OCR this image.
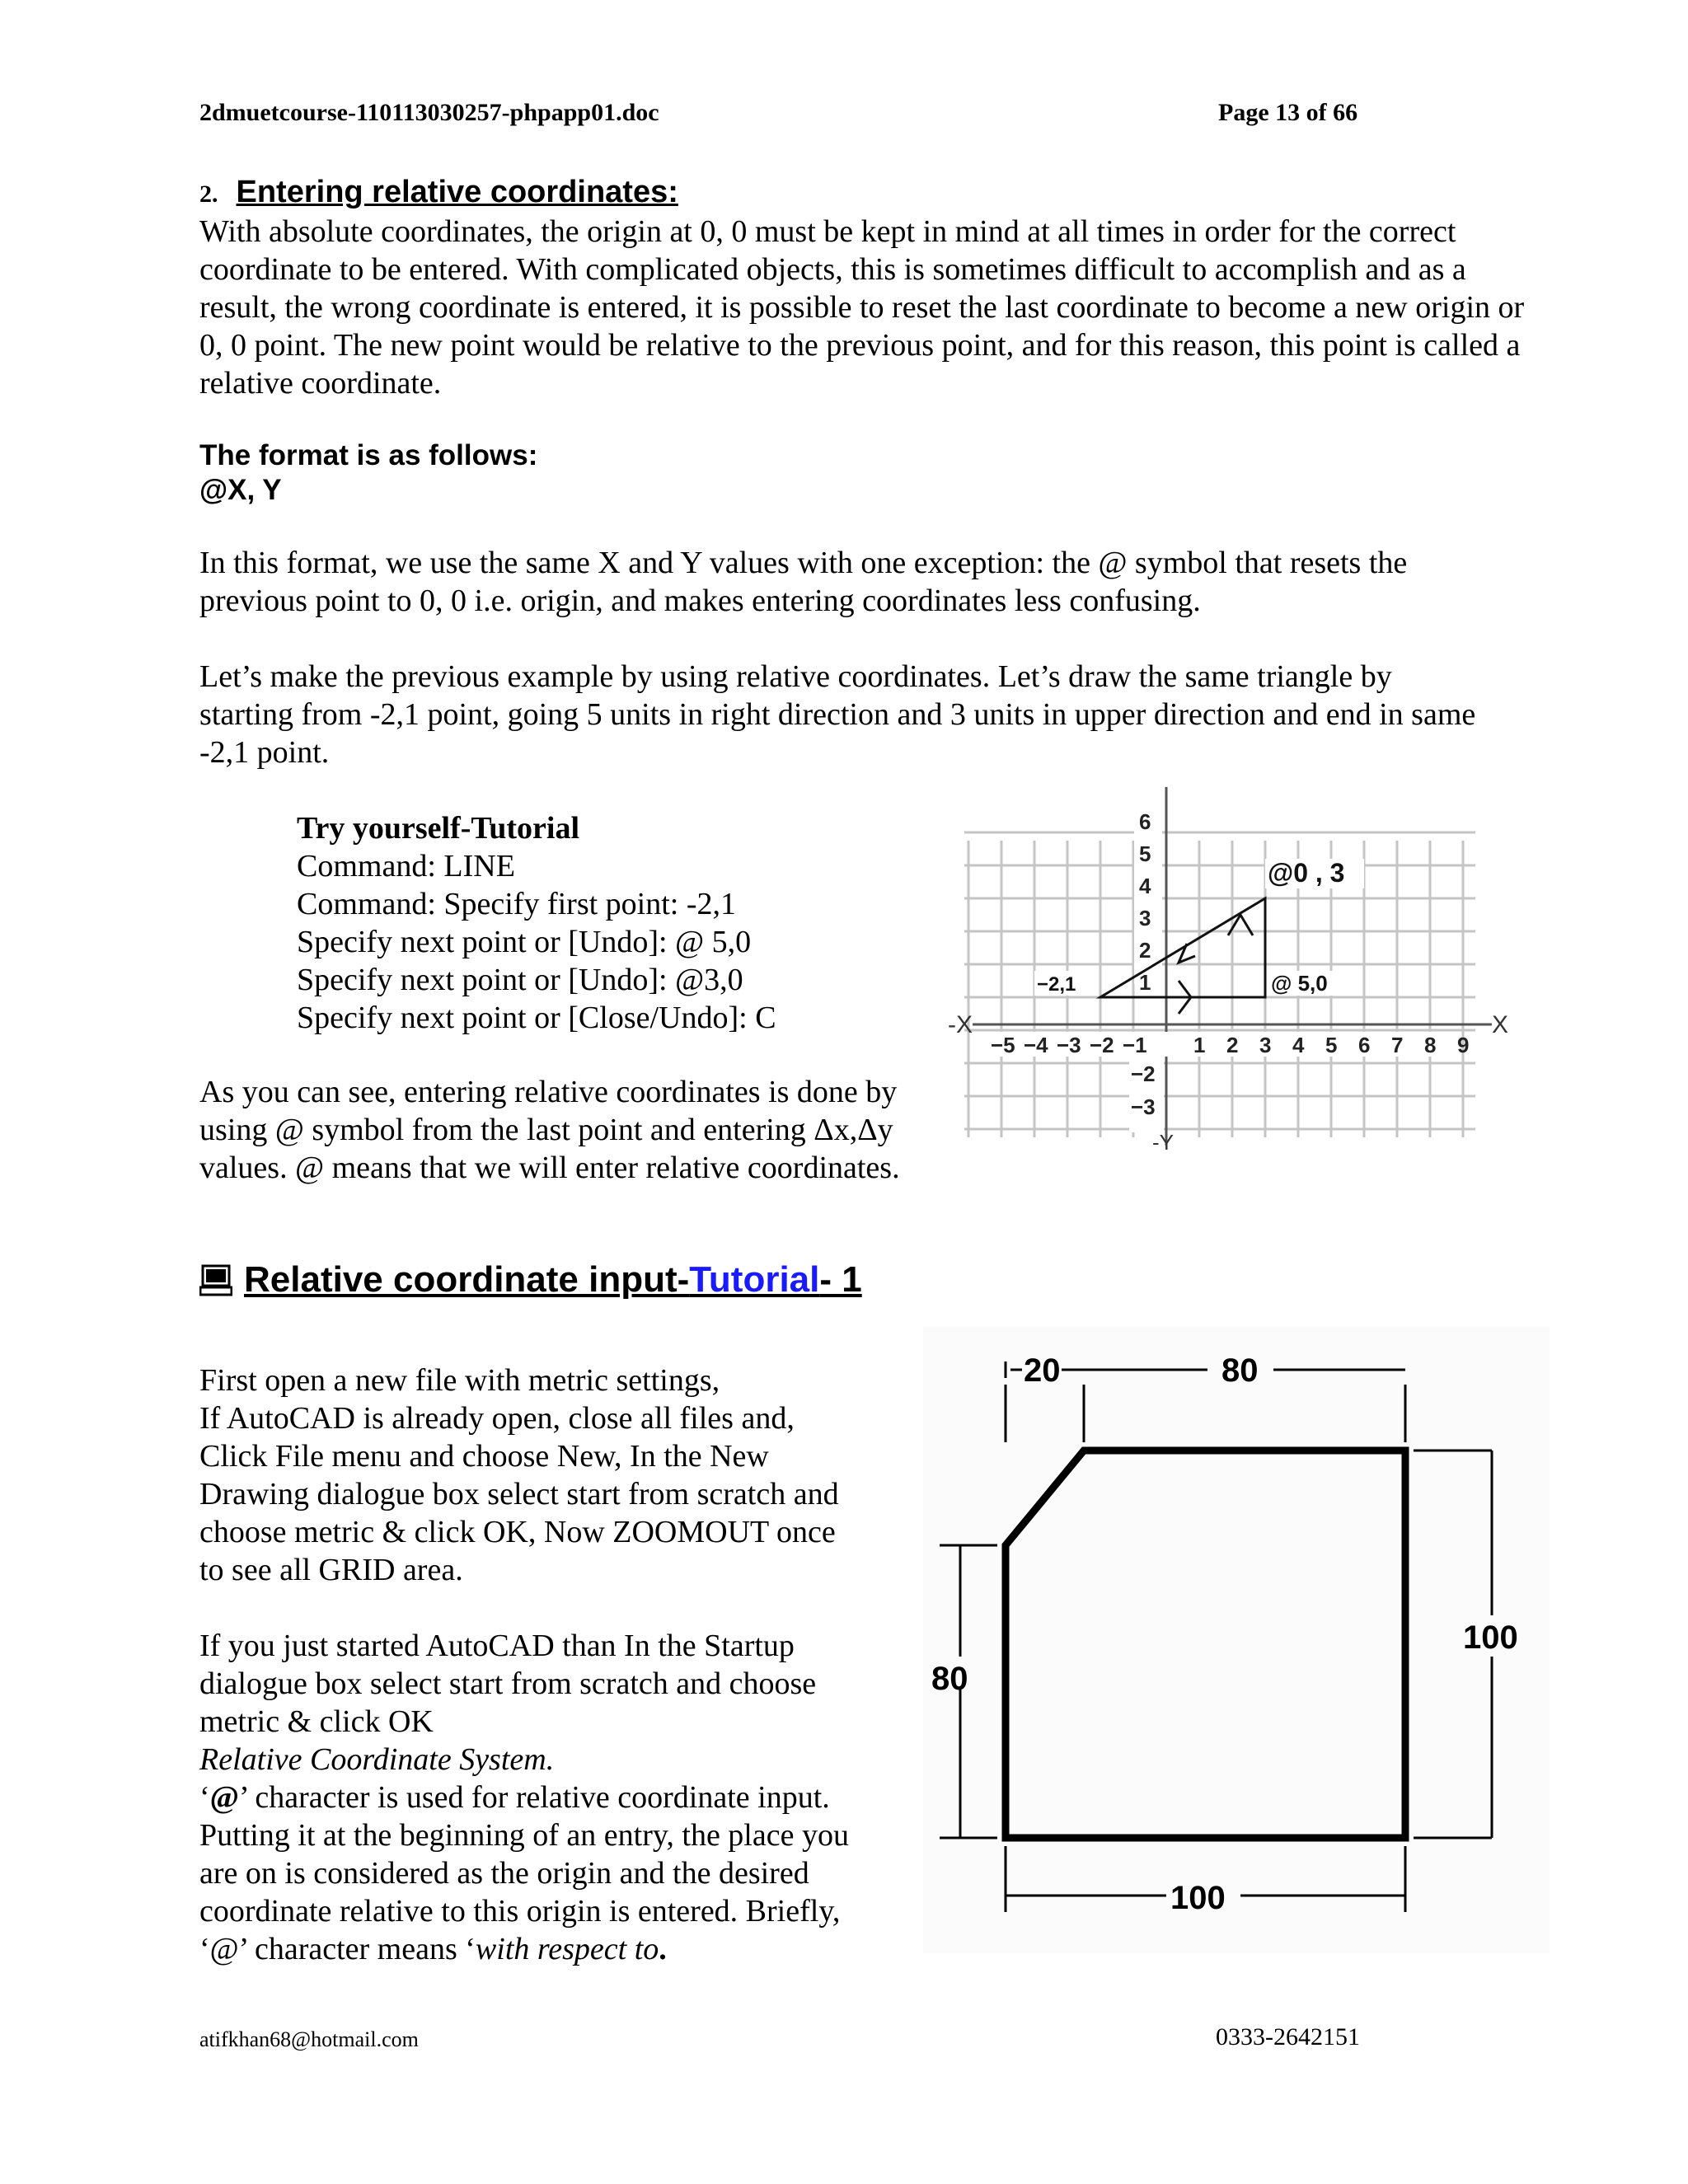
2dmuetcourse-110113030257-phpapp01.doc	Page 13 of 66
2. Entering relative coordinates:

With absolute coordinates, the origin at 0, 0 must be kept in mind at all times in order for the correct coordinate to be entered. With complicated objects, this is sometimes difficult to accomplish and as a result, the wrong coordinate is entered, it is possible to reset the last coordinate to become a new origin or 0, 0 point. The new point would be relative to the previous point, and for this reason, this point is called a relative coordinate.

The format is as follows:
@X, Y

In this format, we use the same X and Y values with one exception: the @ symbol that resets the previous point to 0, 0 i.e. origin, and makes entering coordinates less confusing.

Let’s make the previous example by using relative coordinates. Let’s draw the same triangle by starting from -2,1 point, going 5 units in right direction and 3 units in upper direction and end in same -2,1 point.

Try yourself-Tutorial
Command: LINE
Command: Specify first point: -2,1
Specify next point or [Undo]: @ 5,0
Specify next point or [Undo]: @3,0
Specify next point or [Close/Undo]: C

As you can see, entering relative coordinates is done by using @ symbol from the last point and entering Δx,Δy values. @ means that we will enter relative coordinates.

6
5
4
3
2
1
−2
−3
−5 −4 −3 −2 −1 1 2 3 4 5 6 7 8 9
X
-X
-Y
−2,1	@ 5,0
@0 , 3
Relative coordinate input-Tutorial- 1
First open a new file with metric settings,
If AutoCAD is already open, close all files and,
Click File menu and choose New, In the New
Drawing dialogue box select start from scratch and
choose metric & click OK, Now ZOOMOUT once
to see all GRID area.
If you just started AutoCAD than In the Startup
dialogue box select start from scratch and choose
metric & click OK
Relative Coordinate System.
‘@’ character is used for relative coordinate input.
Putting it at the beginning of an entry, the place you
are on is considered as the origin and the desired
coordinate relative to this origin is entered. Briefly,
‘@’ character means ‘with respect to.
20	80
100
80
100
atifkhan68@hotmail.com	0333-2642151
